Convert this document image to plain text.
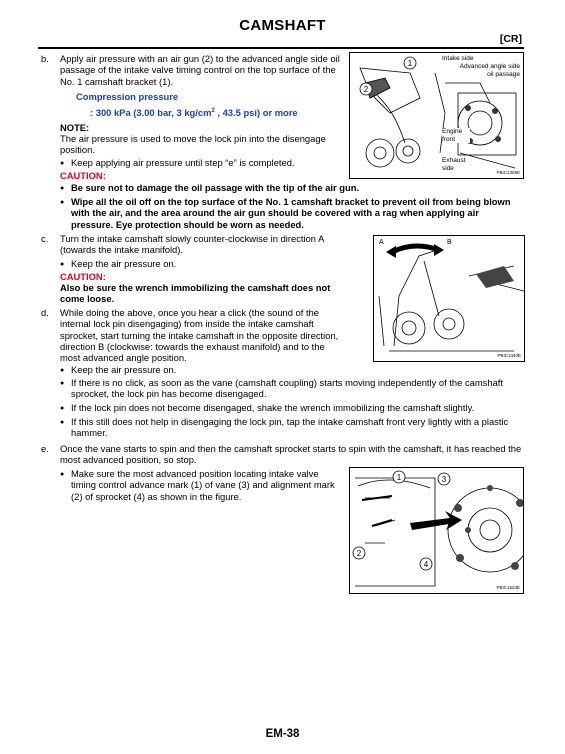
CAMSHAFT
[CR]
b. Apply air pressure with an air gun (2) to the advanced angle side oil passage of the intake valve timing control on the top surface of the No. 1 camshaft bracket (1).
Compression pressure
: 300 kPa (3.00 bar, 3 $kg/cm^2$ , 43.5 psi) or more
NOTE:
The air pressure is used to move the lock pin into the disengage position.
● Keep applying air pressure until step “e” is completed.
CAUTION:
● Be sure not to damage the oil passage with the tip of the air gun.
● Wipe all the oil off on the top surface of the No. 1 camshaft bracket to prevent oil from being blown with the air, and the area around the air gun should be covered with a rag when applying air pressure. Eye protection should be worn as needed.
2
1
Intake side
Advanced angle side oil passage
Engine front
Exhaust side
PBIC1309E
c. Turn the intake camshaft slowly counter-clockwise in direction A (towards the intake manifold).
● Keep the air pressure on.
CAUTION:
Also be sure the wrench immobilizing the camshaft does not come loose.
A	B
PBIC1440E
d. While doing the above, once you hear a click (the sound of the internal lock pin disengaging) from inside the intake camshaft sprocket, start turning the intake camshaft in the opposite direction, direction B (clockwise: towards the exhaust manifold) and to the most advanced angle position.
● Keep the air pressure on.
● If there is no click, as soon as the vane (camshaft coupling) starts moving independently of the camshaft sprocket, the lock pin has become disengaged.
● If the lock pin does not become disengaged, shake the wrench immobilizing the camshaft slightly.
● If this still does not help in disengaging the lock pin, tap the intake camshaft front very lightly with a plastic hammer.
e. Once the vane starts to spin and then the camshaft sprocket starts to spin with the camshaft, it has reached the most advanced position, so stop.
● Make sure the most advanced position locating intake valve timing control advance mark (1) of vane (3) and alignment mark (2) of sprocket (4) as shown in the figure.
1
2
3
4
PBIC1524E
EM-38
